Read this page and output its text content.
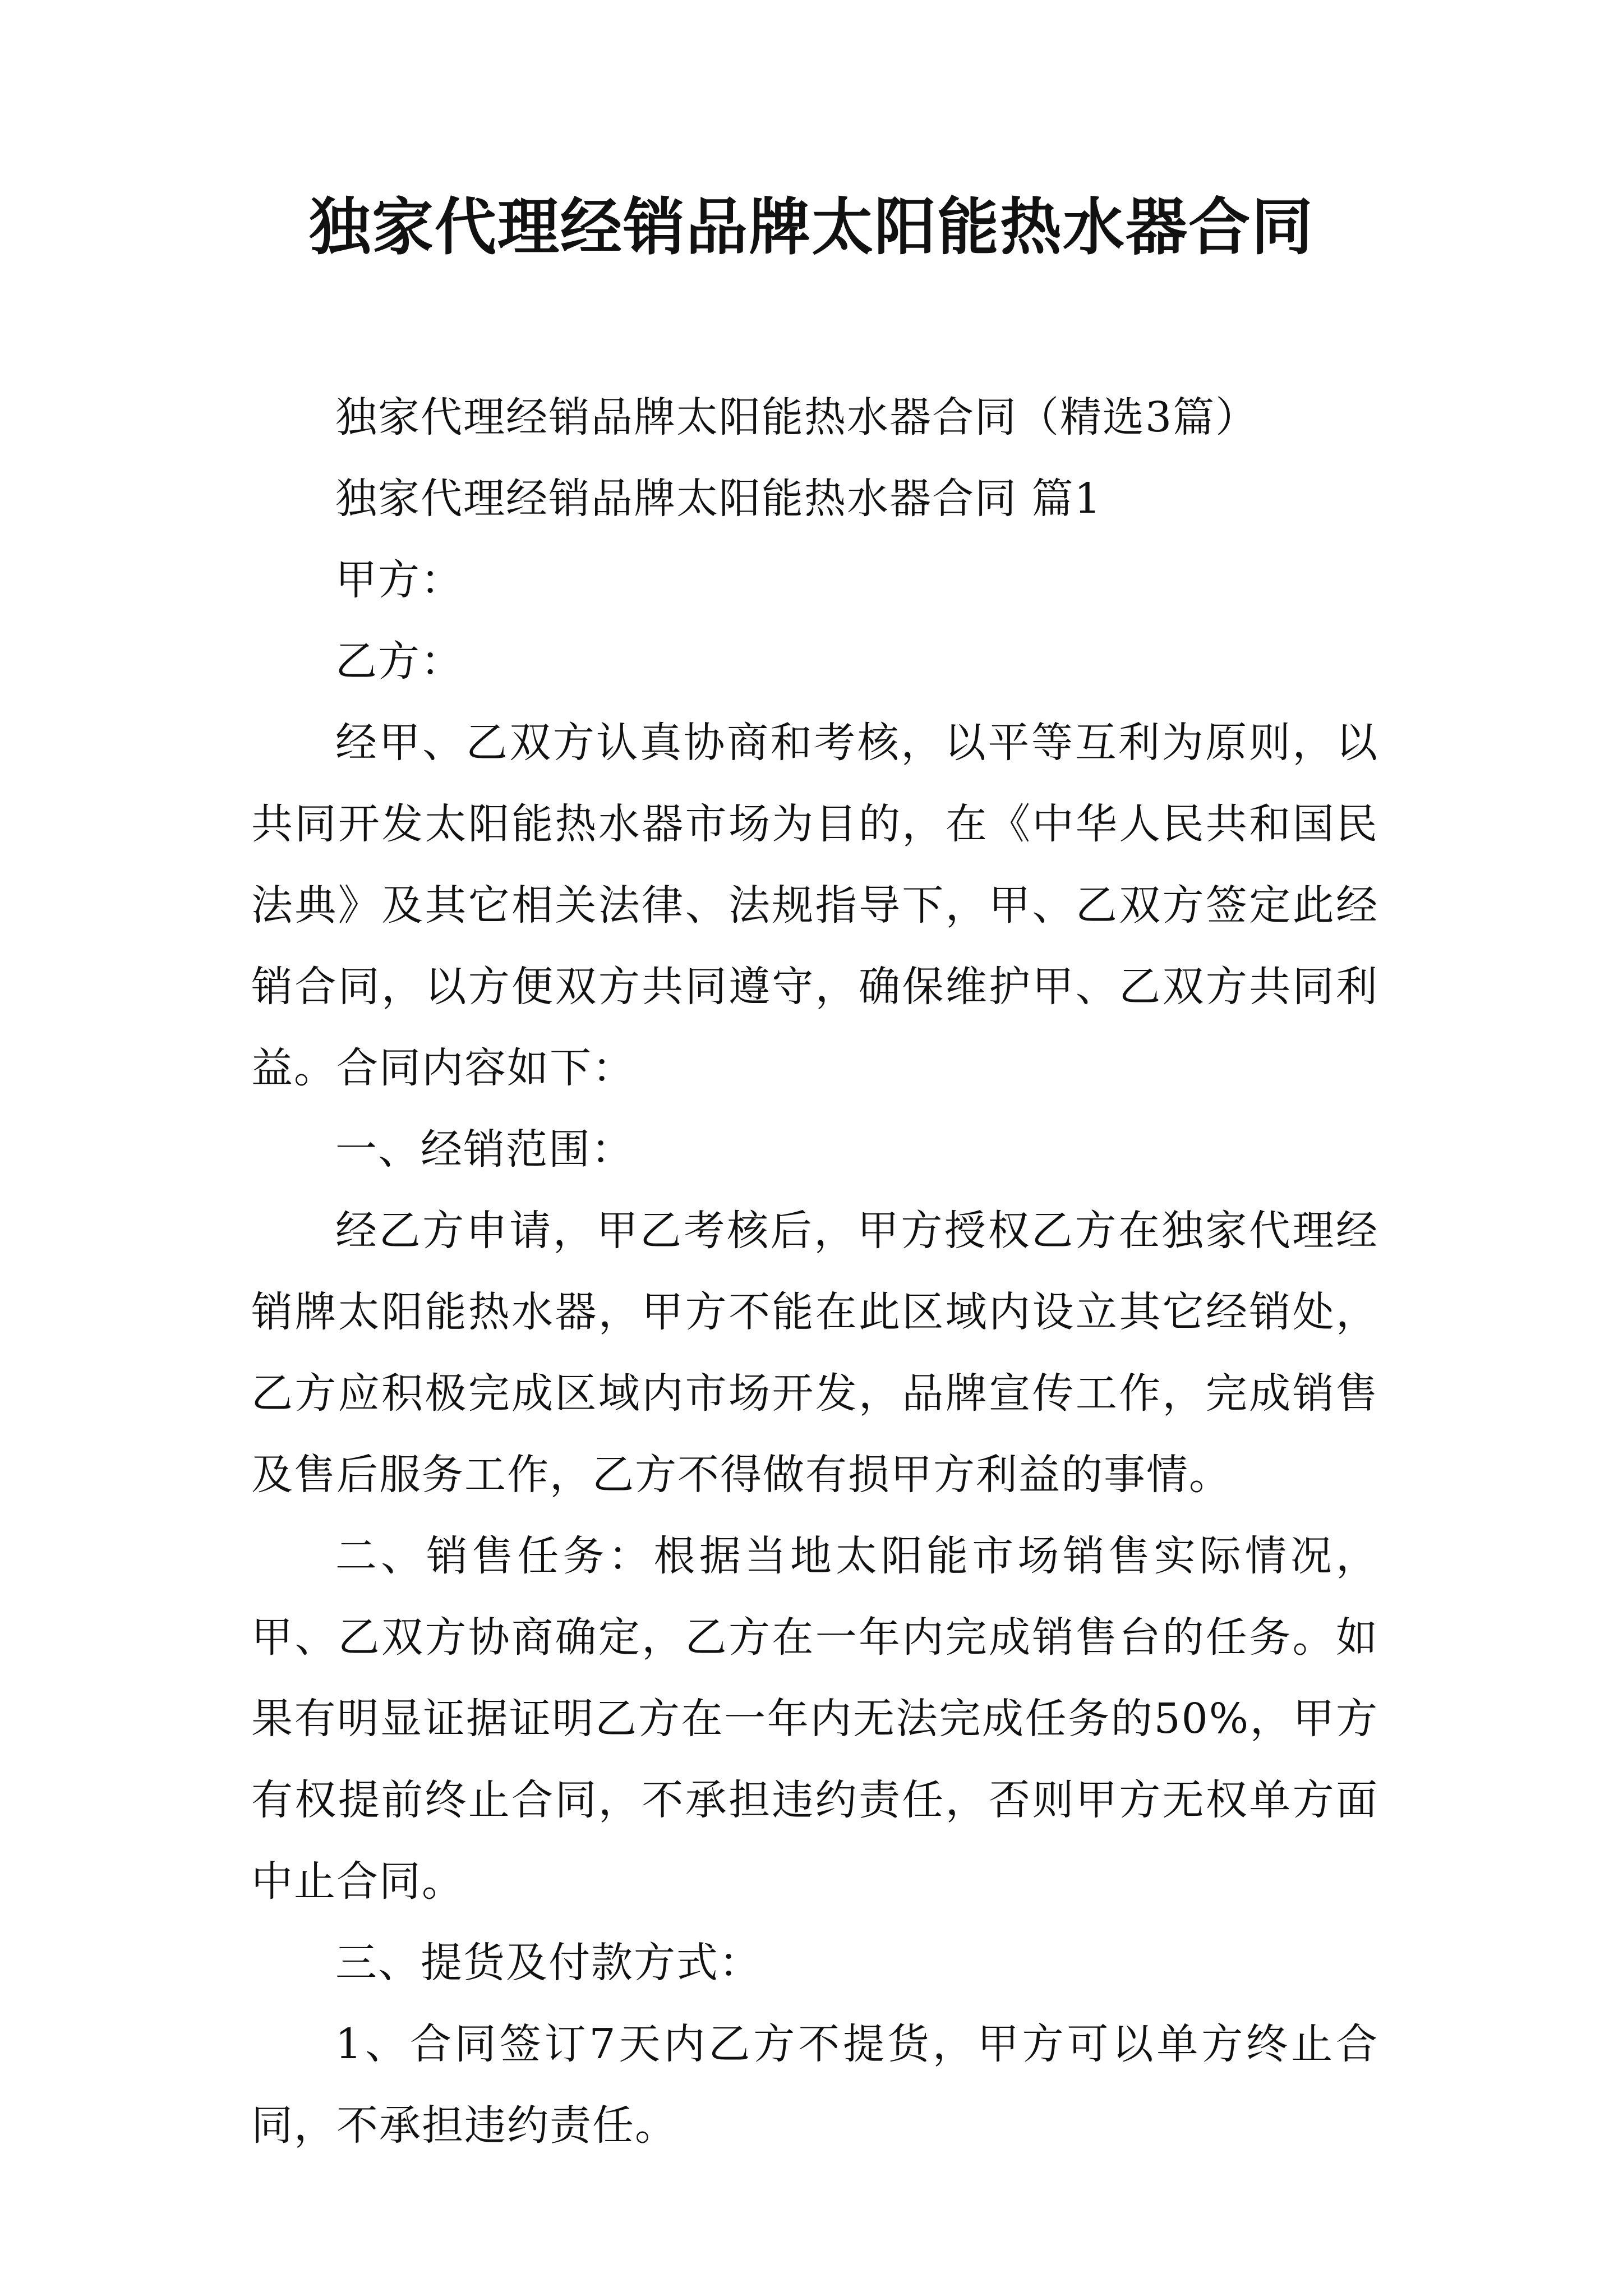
独家代理经销品牌太阳能热水器合同

独家代理经销品牌太阳能热水器合同（精选3篇）

独家代理经销品牌太阳能热水器合同 篇1

甲方：

乙方：

经甲、乙双方认真协商和考核，以平等互利为原则，以共同开发太阳能热水器市场为目的，在《中华人民共和国民法典》及其它相关法律、法规指导下，甲、乙双方签定此经销合同，以方便双方共同遵守，确保维护甲、乙双方共同利益。合同内容如下：

一、经销范围：

经乙方申请，甲乙考核后，甲方授权乙方在独家代理经销牌太阳能热水器，甲方不能在此区域内设立其它经销处，乙方应积极完成区域内市场开发，品牌宣传工作，完成销售及售后服务工作，乙方不得做有损甲方利益的事情。

二、销售任务：根据当地太阳能市场销售实际情况，甲、乙双方协商确定，乙方在一年内完成销售台的任务。如果有明显证据证明乙方在一年内无法完成任务的50%，甲方有权提前终止合同，不承担违约责任，否则甲方无权单方面中止合同。

三、提货及付款方式：

1、合同签订7天内乙方不提货，甲方可以单方终止合同，不承担违约责任。
